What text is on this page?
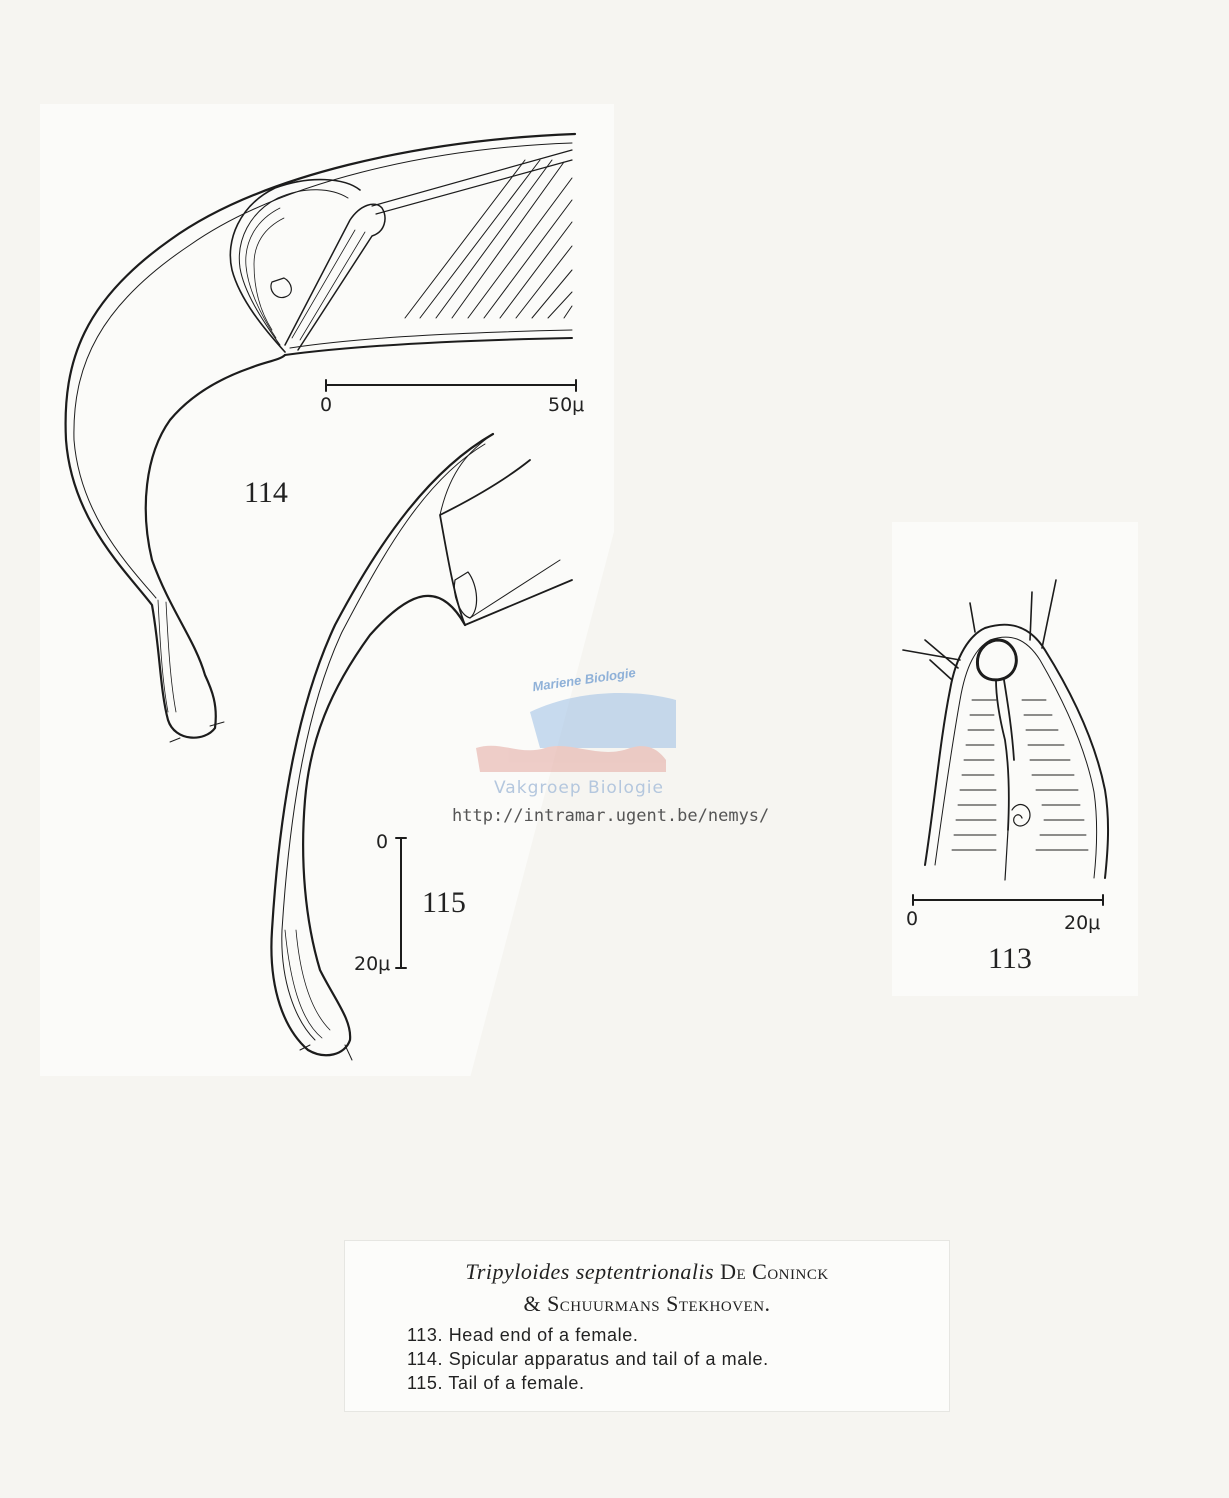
114
0	50μ
115
0
20μ	113
0	20μ
Mariene Biologie
Vakgroep Biologie
http://intramar.ugent.be/nemys/
Tripyloides septentrionalis De Coninck
& Schuurmans Stekhoven.
113. Head end of a female.
114. Spicular apparatus and tail of a male.
115. Tail of a female.
